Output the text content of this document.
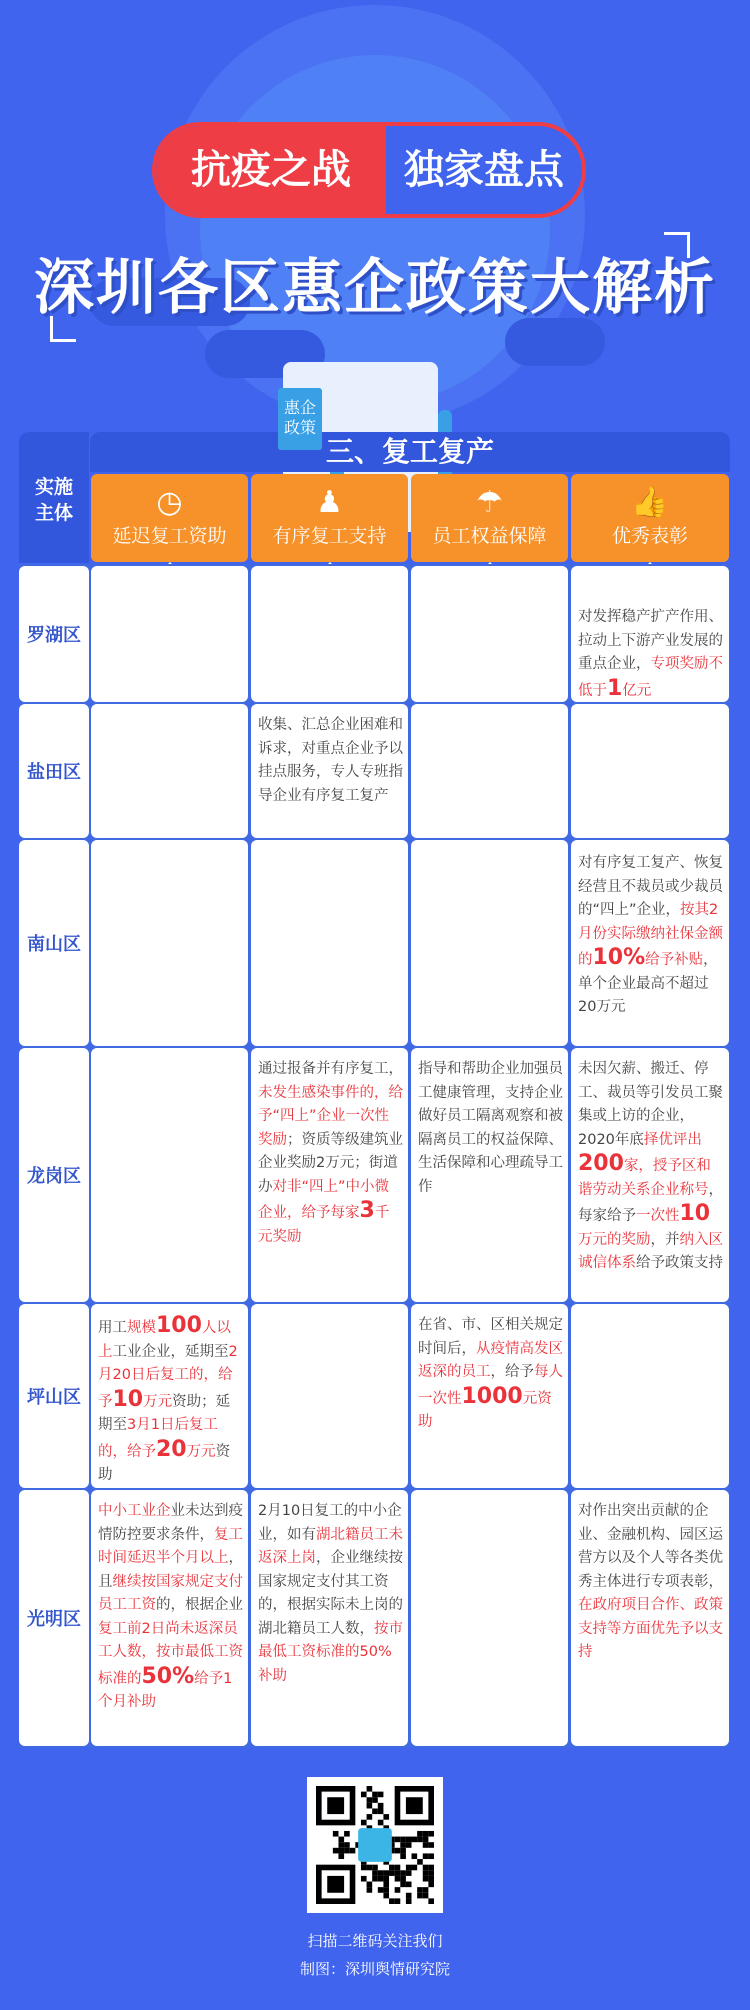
抗疫之战	独家盘点
深圳各区惠企政策大解析
惠企政策
实施主体
三、复工复产
◷
延迟复工资助
♟
有序复工支持
☂
员工权益保障
👍
优秀表彰
罗湖区
对发挥稳产扩产作用、拉动上下游产业发展的重点企业，专项奖励不低于1亿元
盐田区
收集、汇总企业困难和诉求，对重点企业予以挂点服务，专人专班指导企业有序复工复产
南山区
对有序复工复产、恢复经营且不裁员或少裁员的“四上”企业，按其2月份实际缴纳社保金额的10%给予补贴，单个企业最高不超过20万元
龙岗区
通过报备并有序复工，未发生感染事件的，给予“四上”企业一次性奖励；资质等级建筑业企业奖励2万元；街道办对非“四上”中小微企业，给予每家3千元奖励
指导和帮助企业加强员工健康管理，支持企业做好员工隔离观察和被隔离员工的权益保障、生活保障和心理疏导工作
未因欠薪、搬迁、停工、裁员等引发员工聚集或上访的企业，2020年底择优评出200家，授予区和谐劳动关系企业称号，每家给予一次性10万元的奖励，并纳入区诚信体系给予政策支持
坪山区
用工规模100人以上工业企业，延期至2月20日后复工的，给予10万元资助；延期至3月1日后复工的，给予20万元资助
在省、市、区相关规定时间后，从疫情高发区返深的员工，给予每人一次性1000元资助
光明区
中小工业企业未达到疫情防控要求条件，复工时间延迟半个月以上，且继续按国家规定支付员工工资的，根据企业复工前2日尚未返深员工人数，按市最低工资标准的50%给予1个月补助
2月10日复工的中小企业，如有湖北籍员工未返深上岗，企业继续按国家规定支付其工资的，根据实际未上岗的湖北籍员工人数，按市最低工资标准的50%补助
对作出突出贡献的企业、金融机构、园区运营方以及个人等各类优秀主体进行专项表彰，在政府项目合作、政策支持等方面优先予以支持
扫描二维码关注我们
制图：深圳舆情研究院
